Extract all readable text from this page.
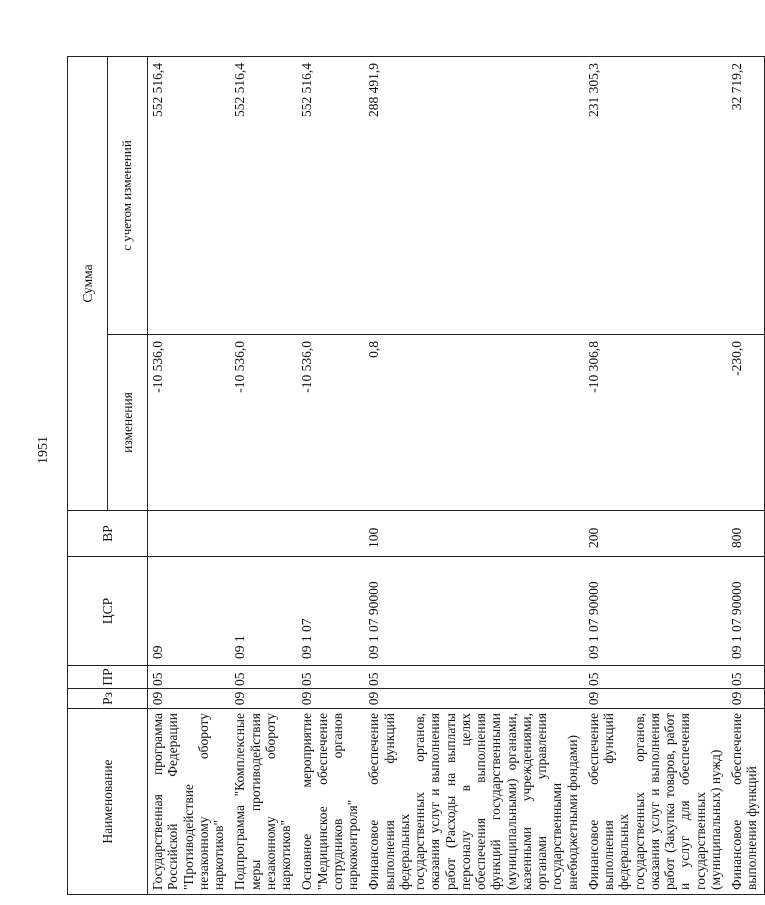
1951
Наименование	Рз	ПР	ЦСР	ВР	Сумма	
					изменения	с учетом изменений
Государственная программа Российской Федерации "Противодействие незаконному обороту наркотиков"	09	05	09		-10 536,0	552 516,4
Подпрограмма "Комплексные меры противодействия незаконному обороту наркотиков"	09	05	09 1		-10 536,0	552 516,4
Основное мероприятие "Медицинское обеспечение сотрудников органов наркоконтроля"	09	05	09 1 07		-10 536,0	552 516,4
Финансовое обеспечение выполнения функций федеральных государственных органов, оказания услуг и выполнения работ (Расходы на выплаты персоналу в целях обеспечения выполнения функций государственными (муниципальными) органами, казенными учреждениями, органами управления государственными внебюджетными фондами)	09	05	09 1 07 90000	100	0,8	288 491,9
Финансовое обеспечение выполнения функций федеральных государственных органов, оказания услуг и выполнения работ (Закупка товаров, работ и услуг для обеспечения государственных (муниципальных) нужд)	09	05	09 1 07 90000	200	-10 306,8	231 305,3
Финансовое обеспечение выполнения функций	09	05	09 1 07 90000	800	-230,0	32 719,2
